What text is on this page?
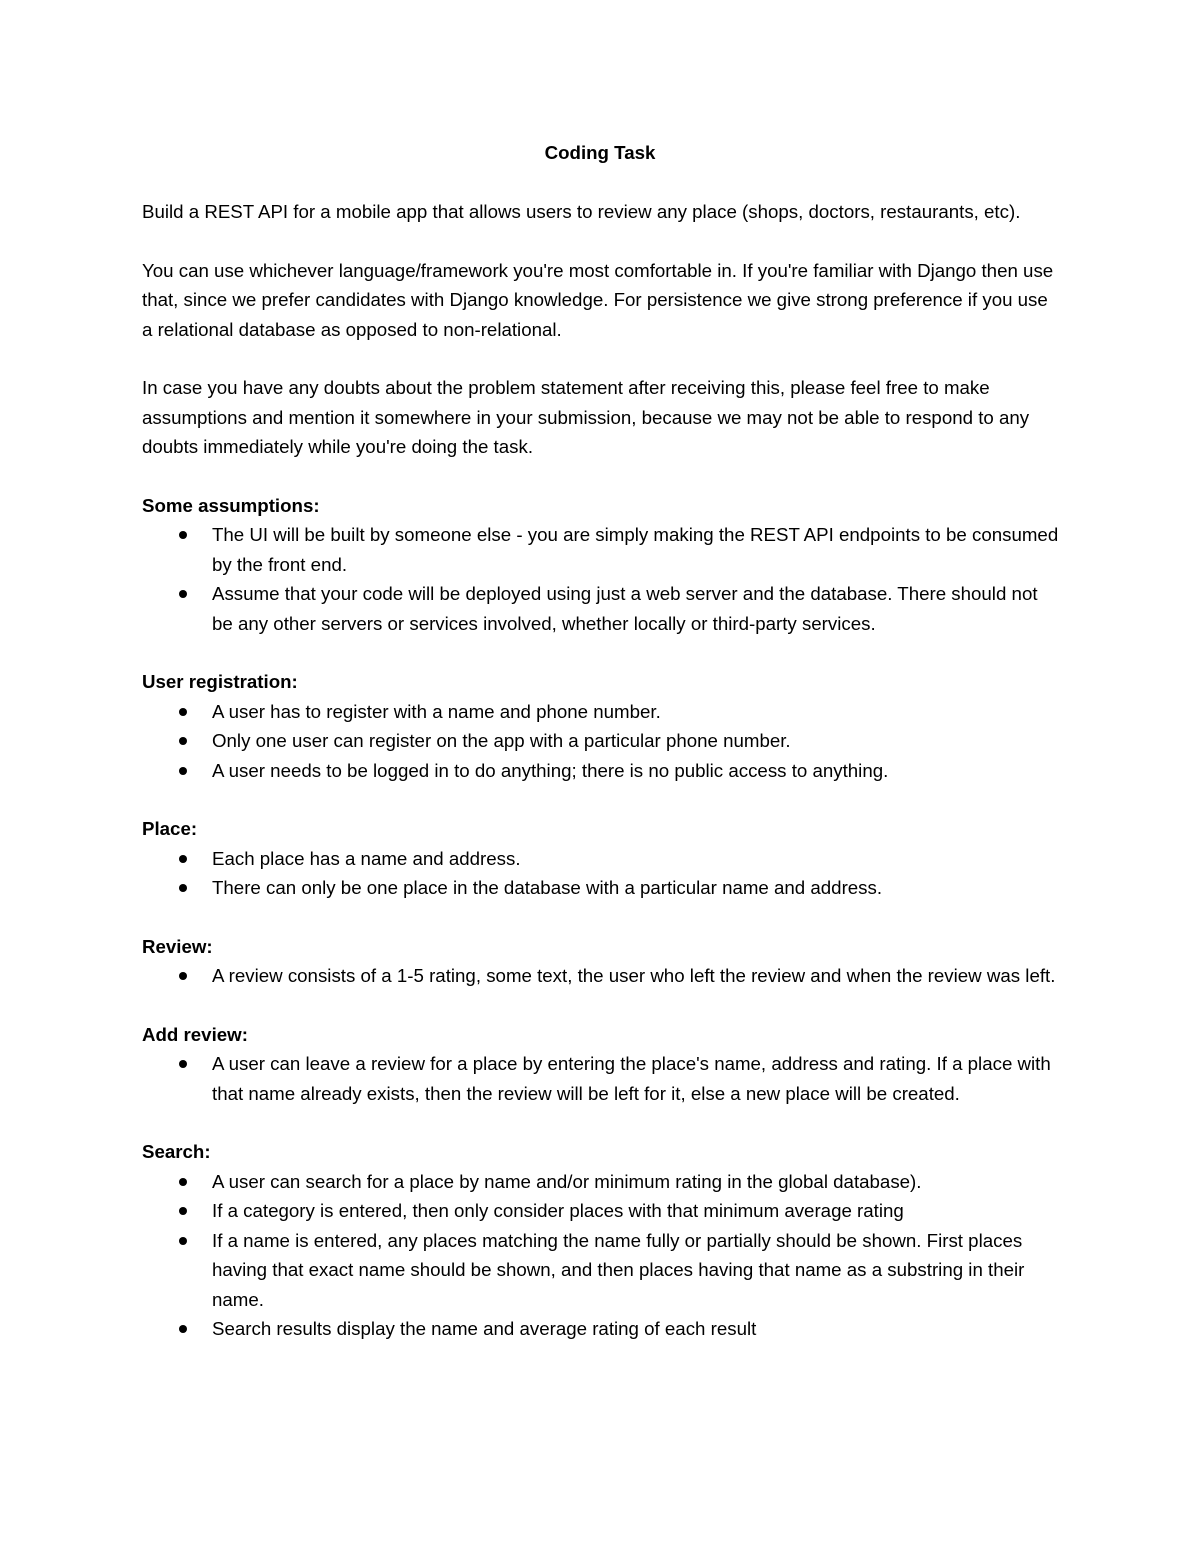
Coding Task

Build a REST API for a mobile app that allows users to review any place (shops, doctors, restaurants, etc).

You can use whichever language/framework you're most comfortable in. If you're familiar with Django then use that, since we prefer candidates with Django knowledge. For persistence we give strong preference if you use a relational database as opposed to non-relational.

In case you have any doubts about the problem statement after receiving this, please feel free to make assumptions and mention it somewhere in your submission, because we may not be able to respond to any doubts immediately while you're doing the task.

Some assumptions:
The UI will be built by someone else - you are simply making the REST API endpoints to be consumed by the front end.
Assume that your code will be deployed using just a web server and the database. There should not be any other servers or services involved, whether locally or third-party services.
User registration:
A user has to register with a name and phone number.
Only one user can register on the app with a particular phone number.
A user needs to be logged in to do anything; there is no public access to anything.
Place:
Each place has a name and address.
There can only be one place in the database with a particular name and address.
Review:
A review consists of a 1-5 rating, some text, the user who left the review and when the review was left.
Add review:
A user can leave a review for a place by entering the place's name, address and rating. If a place with that name already exists, then the review will be left for it, else a new place will be created.
Search:
A user can search for a place by name and/or minimum rating in the global database).
If a category is entered, then only consider places with that minimum average rating
If a name is entered, any places matching the name fully or partially should be shown. First places having that exact name should be shown, and then places having that name as a substring in their name.
Search results display the name and average rating of each result
